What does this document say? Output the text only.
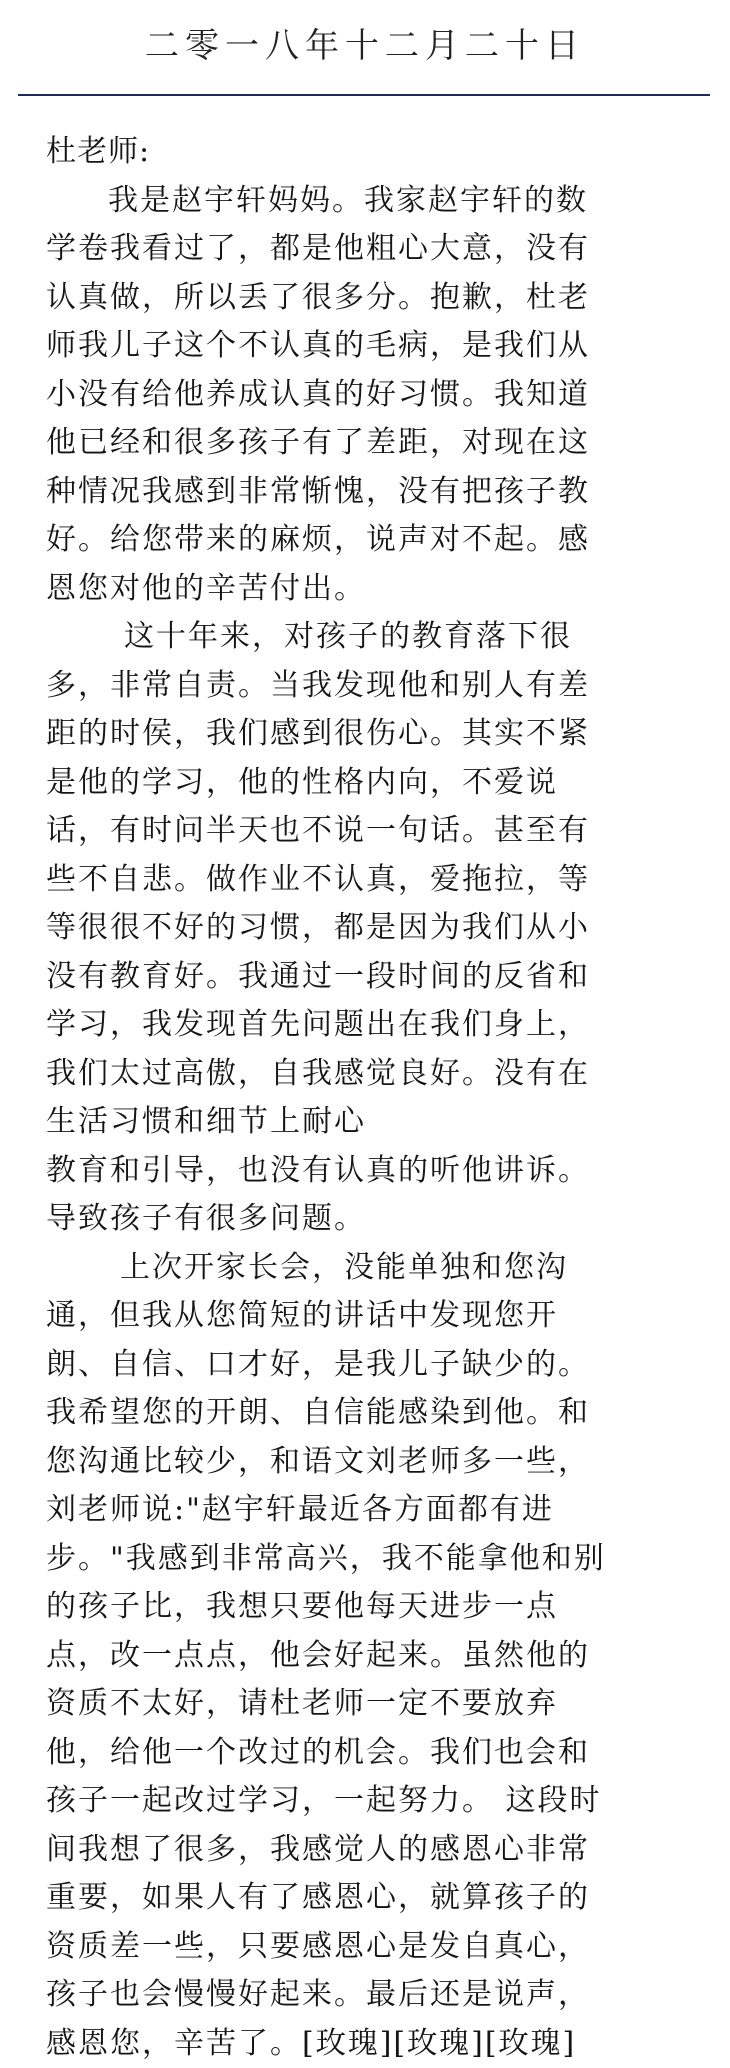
二零一八年十二月二十日
杜老师:
我是赵宇轩妈妈。我家赵宇轩的数
学卷我看过了，都是他粗心大意，没有
认真做，所以丢了很多分。抱歉，杜老
师我儿子这个不认真的毛病，是我们从
小没有给他养成认真的好习惯。我知道
他已经和很多孩子有了差距，对现在这
种情况我感到非常惭愧，没有把孩子教
好。给您带来的麻烦，说声对不起。感
恩您对他的辛苦付出。
这十年来，对孩子的教育落下很
多，非常自责。当我发现他和别人有差
距的时侯，我们感到很伤心。其实不紧
是他的学习，他的性格内向，不爱说
话，有时问半天也不说一句话。甚至有
些不自悲。做作业不认真，爱拖拉，等
等很很不好的习惯，都是因为我们从小
没有教育好。我通过一段时间的反省和
学习，我发现首先问题出在我们身上，
我们太过高傲，自我感觉良好。没有在
生活习惯和细节上耐心
教育和引导，也没有认真的听他讲诉。
导致孩子有很多问题。
上次开家长会，没能单独和您沟
通，但我从您简短的讲话中发现您开
朗、自信、口才好，是我儿子缺少的。
我希望您的开朗、自信能感染到他。和
您沟通比较少，和语文刘老师多一些，
刘老师说:"赵宇轩最近各方面都有进
步。"我感到非常高兴，我不能拿他和别
的孩子比，我想只要他每天进步一点
点，改一点点，他会好起来。虽然他的
资质不太好，请杜老师一定不要放弃
他，给他一个改过的机会。我们也会和
孩子一起改过学习，一起努力。 这段时
间我想了很多，我感觉人的感恩心非常
重要，如果人有了感恩心，就算孩子的
资质差一些，只要感恩心是发自真心，
孩子也会慢慢好起来。最后还是说声，
感恩您，辛苦了。[玫瑰][玫瑰][玫瑰]
